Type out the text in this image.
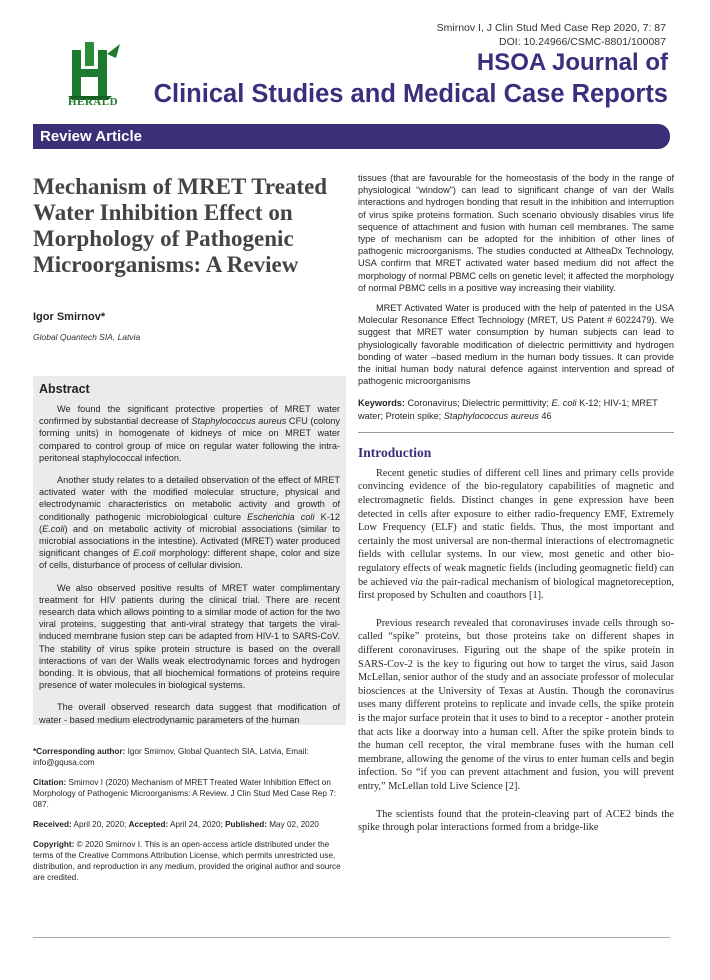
Smirnov I, J Clin Stud Med Case Rep 2020, 7: 87
DOI: 10.24966/CSMC-8801/100087
HERALD
HSOA Journal of
Clinical Studies and Medical Case Reports
Review Article
Mechanism of MRET Treated Water Inhibition Effect on Morphology of Pathogenic Microorganisms: A Review
Igor Smirnov*
Global Quantech SIA, Latvia
Abstract

We found the significant protective properties of MRET water confirmed by substantial decrease of Staphylococcus aureus CFU (colony forming units) in homogenate of kidneys of mice on MRET water compared to control group of mice on regular water following the intra-peritoneal staphylococcal infection.

Another study relates to a detailed observation of the effect of MRET activated water with the modified molecular structure, physical and electrodynamic characteristics on metabolic activity and growth of conditionally pathogenic microbiological culture Escherichia coli K-12 (E.coli) and on metabolic activity of microbial associations (similar to microbial associations in the intestine). Activated (MRET) water produced significant changes of E.coli morphology: different shape, color and size of cells, disturbance of process of cellular division.

We also observed positive results of MRET water complimentary treatment for HIV patients during the clinical trial. There are recent research data which allows pointing to a similar mode of action for the two viral proteins, suggesting that anti-viral strategy that targets the viral-induced membrane fusion step can be adapted from HIV-1 to SARS-CoV. The stability of virus spike protein structure is based on the overall interactions of van der Walls weak electrodynamic forces and hydrogen bonding. It is obvious, that all biochemical formations of proteins require presence of water molecules in biological systems.

The overall observed research data suggest that modification of water - based medium electrodynamic parameters of the human

*Corresponding author: Igor Smirnov, Global Quantech SIA, Latvia, Email: info@gqusa.com
Citation: Smirnov I (2020) Mechanism of MRET Treated Water Inhibition Effect on Morphology of Pathogenic Microorganisms: A Review. J Clin Stud Med Case Rep 7: 087.
Received: April 20, 2020; Accepted: April 24, 2020; Published: May 02, 2020
Copyright: © 2020 Smirnov I. This is an open-access article distributed under the terms of the Creative Commons Attribution License, which permits unrestricted use, distribution, and reproduction in any medium, provided the original author and source are credited.

tissues (that are favourable for the homeostasis of the body in the range of physiological “window”) can lead to significant change of van der Walls interactions and hydrogen bonding that result in the inhibition and interruption of virus spike proteins formation. Such scenario obviously disables virus life sequence of attachment and fusion with human cell membranes. The same type of mechanism can be adopted for the inhibition of other lines of pathogenic microorganisms. The studies conducted at AltheaDx Technology, USA confirm that MRET activated water based medium did not affect the morphology of normal PBMC cells on genetic level; it affected the morphology of normal PBMC cells in a positive way increasing their viability.

MRET Activated Water is produced with the help of patented in the USA Molecular Resonance Effect Technology (MRET, US Patent # 6022479). We suggest that MRET water consumption by human subjects can lead to physiologically favorable modification of dielectric permittivity and hydrogen bonding of water –based medium in the human body tissues. It can provide the initial human body natural defence against intervention and spread of pathogenic microorganisms

Keywords: Coronavirus; Dielectric permittivity; E. coli K-12; HIV-1; MRET water; Protein spike; Staphylococcus aureus 46
Introduction

Recent genetic studies of different cell lines and primary cells provide convincing evidence of the bio-regulatory capabilities of magnetic and electromagnetic fields. Distinct changes in gene expression have been detected in cells after exposure to either radio-frequency EMF, Extremely Low Frequency (ELF) and static fields. Thus, the most important and certainly the most universal are non-thermal interactions of electromagnetic fields with cellular systems. In our view, most genetic and other bio-regulatory effects of weak magnetic fields (including geomagnetic field) can be achieved via the pair-radical mechanism of biological magnetoreception, first proposed by Schulten and coauthors [1].

Previous research revealed that coronaviruses invade cells through so-called “spike” proteins, but those proteins take on different shapes in different coronaviruses. Figuring out the shape of the spike protein in SARS-Cov-2 is the key to figuring out how to target the virus, said Jason McLellan, senior author of the study and an associate professor of molecular biosciences at the University of Texas at Austin. Though the coronavirus uses many different proteins to replicate and invade cells, the spike protein is the major surface protein that it uses to bind to a receptor - another protein that acts like a doorway into a human cell. After the spike protein binds to the human cell receptor, the viral membrane fuses with the human cell membrane, allowing the genome of the virus to enter human cells and begin infection. So “if you can prevent attachment and fusion, you will prevent entry,” McLellan told Live Science [2].

The scientists found that the protein-cleaving part of ACE2 binds the spike through polar interactions formed from a bridge-like
